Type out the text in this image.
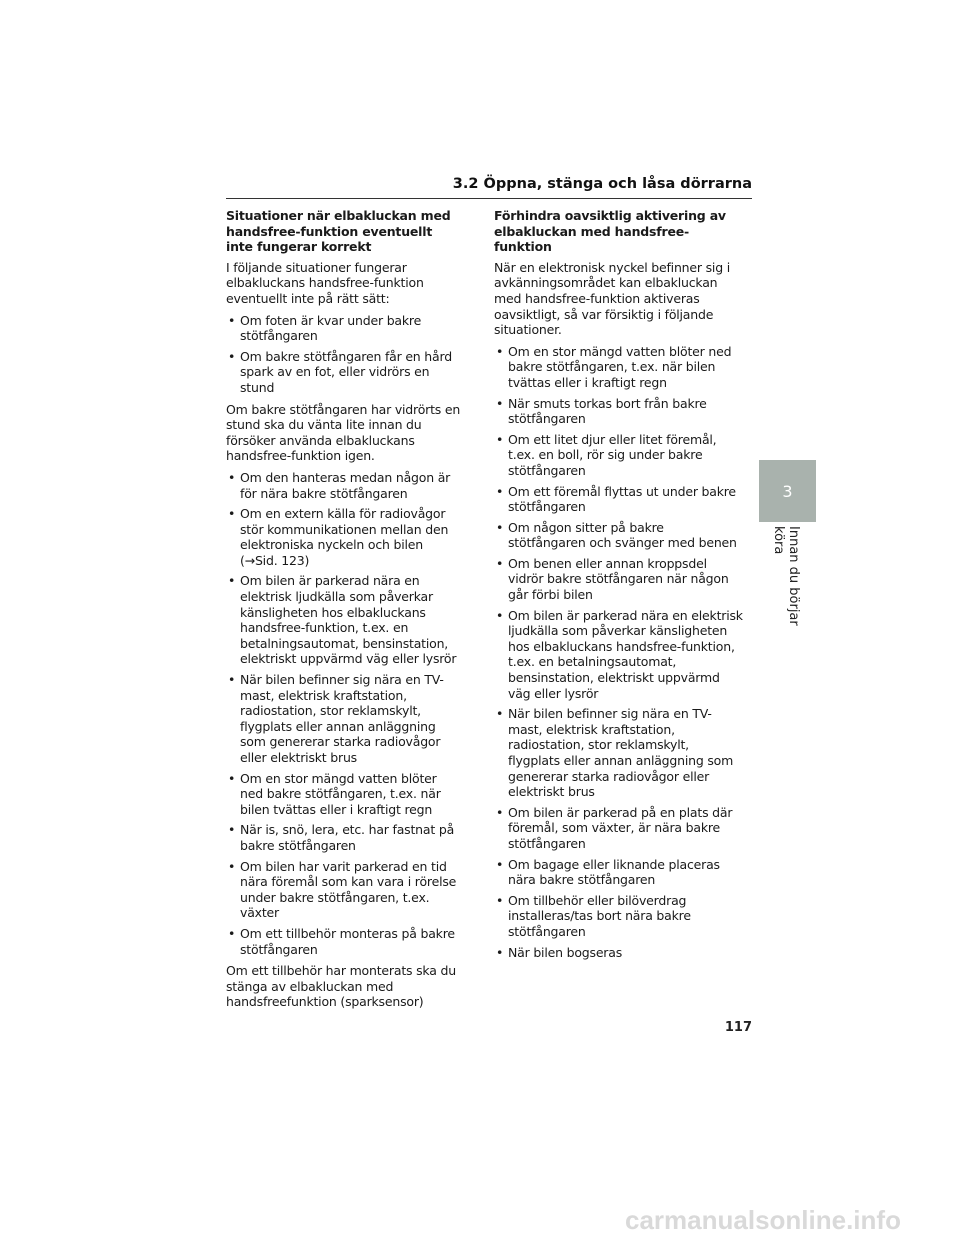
3.2 Öppna, stänga och låsa dörrarna
Situationer när elbakluckan med handsfree-funktion eventuellt inte fungerar korrekt
I följande situationer fungerar elbakluckans handsfree-funktion eventuellt inte på rätt sätt:
• Om foten är kvar under bakre stötfångaren
• Om bakre stötfångaren får en hård spark av en fot, eller vidrörs en stund
Om bakre stötfångaren har vidrörts en stund ska du vänta lite innan du försöker använda elbakluckans handsfree-funktion igen.
• Om den hanteras medan någon är för nära bakre stötfångaren
• Om en extern källa för radiovågor stör kommunikationen mellan den elektroniska nyckeln och bilen (→Sid. 123)
• Om bilen är parkerad nära en elektrisk ljudkälla som påverkar känsligheten hos elbakluckans handsfree-funktion, t.ex. en betalningsautomat, bensinstation, elektriskt uppvärmd väg eller lysrör
• När bilen befinner sig nära en TV-mast, elektrisk kraftstation, radiostation, stor reklamskylt, flygplats eller annan anläggning som genererar starka radiovågor eller elektriskt brus
• Om en stor mängd vatten blöter ned bakre stötfångaren, t.ex. när bilen tvättas eller i kraftigt regn
• När is, snö, lera, etc. har fastnat på bakre stötfångaren
• Om bilen har varit parkerad en tid nära föremål som kan vara i rörelse under bakre stötfångaren, t.ex. växter
• Om ett tillbehör monteras på bakre stötfångaren
Om ett tillbehör har monterats ska du stänga av elbakluckan med handsfreefunktion (sparksensor)
Förhindra oavsiktlig aktivering av elbakluckan med handsfree-funktion
När en elektronisk nyckel befinner sig i avkänningsområdet kan elbakluckan med handsfree-funktion aktiveras oavsiktligt, så var försiktig i följande situationer.
• Om en stor mängd vatten blöter ned bakre stötfångaren, t.ex. när bilen tvättas eller i kraftigt regn
• När smuts torkas bort från bakre stötfångaren
• Om ett litet djur eller litet föremål, t.ex. en boll, rör sig under bakre stötfångaren
• Om ett föremål flyttas ut under bakre stötfångaren
• Om någon sitter på bakre stötfångaren och svänger med benen
• Om benen eller annan kroppsdel vidrör bakre stötfångaren när någon går förbi bilen
• Om bilen är parkerad nära en elektrisk ljudkälla som påverkar känsligheten hos elbakluckans handsfree-funktion, t.ex. en betalningsautomat, bensinstation, elektriskt uppvärmd väg eller lysrör
• När bilen befinner sig nära en TV-mast, elektrisk kraftstation, radiostation, stor reklamskylt, flygplats eller annan anläggning som genererar starka radiovågor eller elektriskt brus
• Om bilen är parkerad på en plats där föremål, som växter, är nära bakre stötfångaren
• Om bagage eller liknande placeras nära bakre stötfångaren
• Om tillbehör eller bilöverdrag installeras/tas bort nära bakre stötfångaren
• När bilen bogseras
3
Innan du börjar köra
117
carmanualsonline.info
